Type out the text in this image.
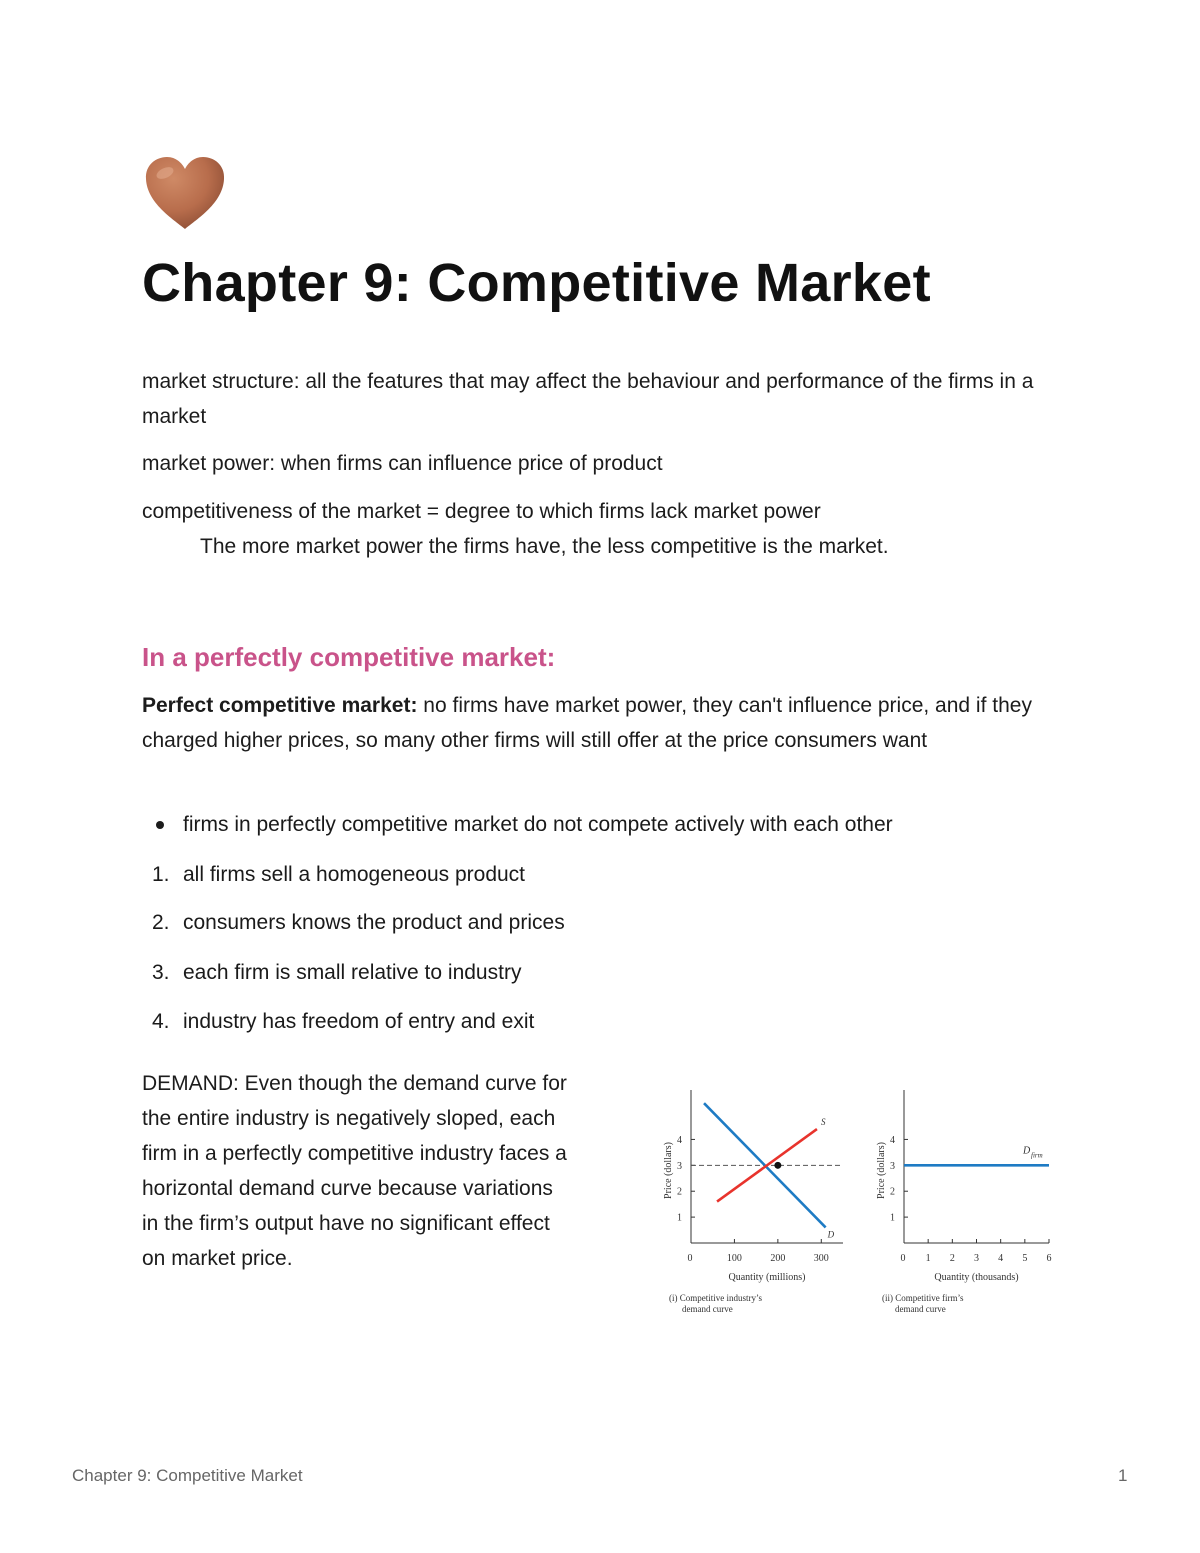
Chapter 9: Competitive Market

market structure: all the features that may affect the behaviour and performance of the firms in a market

market power: when firms can influence price of product

competitiveness of the market = degree to which firms lack market power

The more market power the firms have, the less competitive is the market.

In a perfectly competitive market:

Perfect competitive market: no firms have market power, they can't influence price, and if they charged higher prices, so many other firms will still offer at the price consumers want

firms in perfectly competitive market do not compete actively with each other
1. all firms sell a homogeneous product
2. consumers knows the product and prices
3. each firm is small relative to industry
4. industry has freedom of entry and exit

DEMAND: Even though the demand curve for the entire industry is negatively sloped, each firm in a perfectly competitive industry faces a horizontal demand curve because variations in the firm’s output have no significant effect on market price.

1
2
3
4
0	100	200	300
Quantity (millions)
Price (dollars)
D
S
(i) Competitive industry’s
demand curve
1
2
3
4
0 1 2 3 4 5 6
Quantity (thousands)
Price (dollars)	D firm
(ii) Competitive firm’s
demand curve
Chapter 9: Competitive Market	1
